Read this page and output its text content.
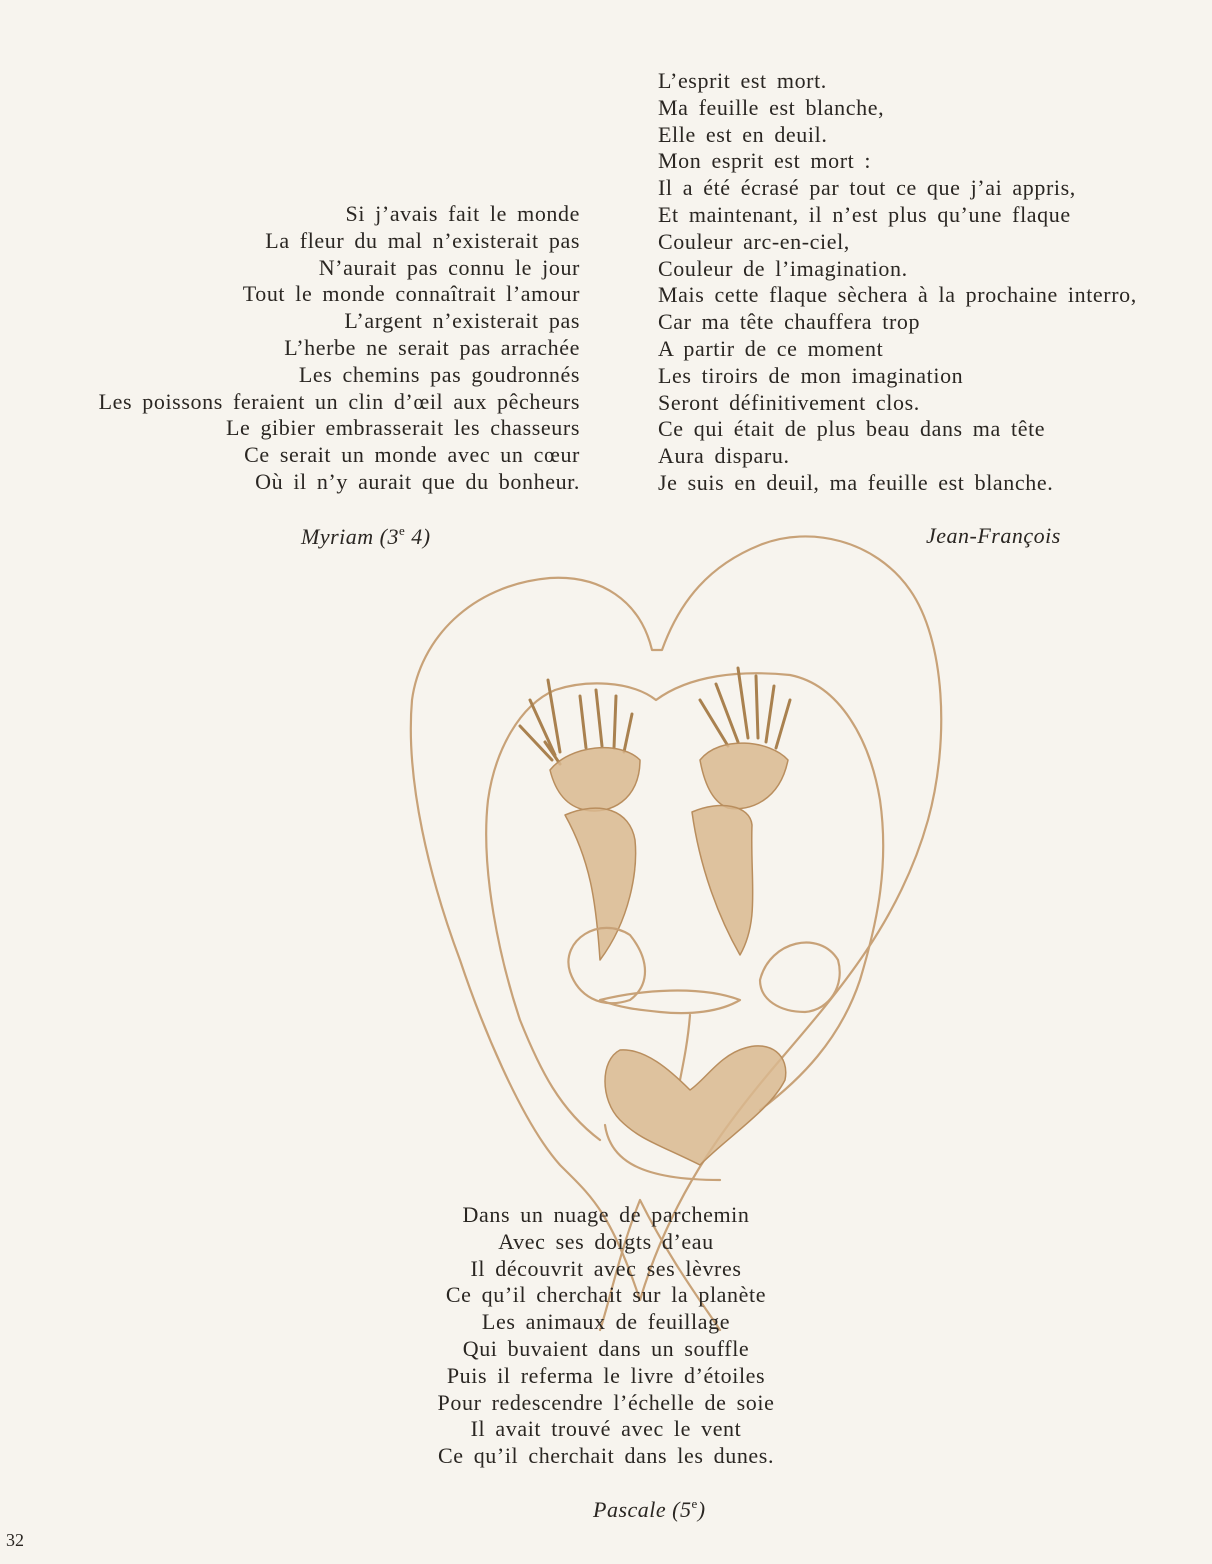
Si j’avais fait le monde
La fleur du mal n’existerait pas
N’aurait pas connu le jour
Tout le monde connaîtrait l’amour
L’argent n’existerait pas
L’herbe ne serait pas arrachée
Les chemins pas goudronnés
Les poissons feraient un clin d’œil aux pêcheurs
Le gibier embrasserait les chasseurs
Ce serait un monde avec un cœur
Où il n’y aurait que du bonheur.
Myriam (3e 4)
L’esprit est mort.
Ma feuille est blanche,
Elle est en deuil.
Mon esprit est mort :
Il a été écrasé par tout ce que j’ai appris,
Et maintenant, il n’est plus qu’une flaque
Couleur arc-en-ciel,
Couleur de l’imagination.
Mais cette flaque sèchera à la prochaine interro,
Car ma tête chauffera trop
A partir de ce moment
Les tiroirs de mon imagination
Seront définitivement clos.
Ce qui était de plus beau dans ma tête
Aura disparu.
Je suis en deuil, ma feuille est blanche.
Jean-François
Dans un nuage de parchemin
Avec ses doigts d’eau
Il découvrit avec ses lèvres
Ce qu’il cherchait sur la planète
Les animaux de feuillage
Qui buvaient dans un souffle
Puis il referma le livre d’étoiles
Pour redescendre l’échelle de soie
Il avait trouvé avec le vent
Ce qu’il cherchait dans les dunes.
Pascale (5e)
32
